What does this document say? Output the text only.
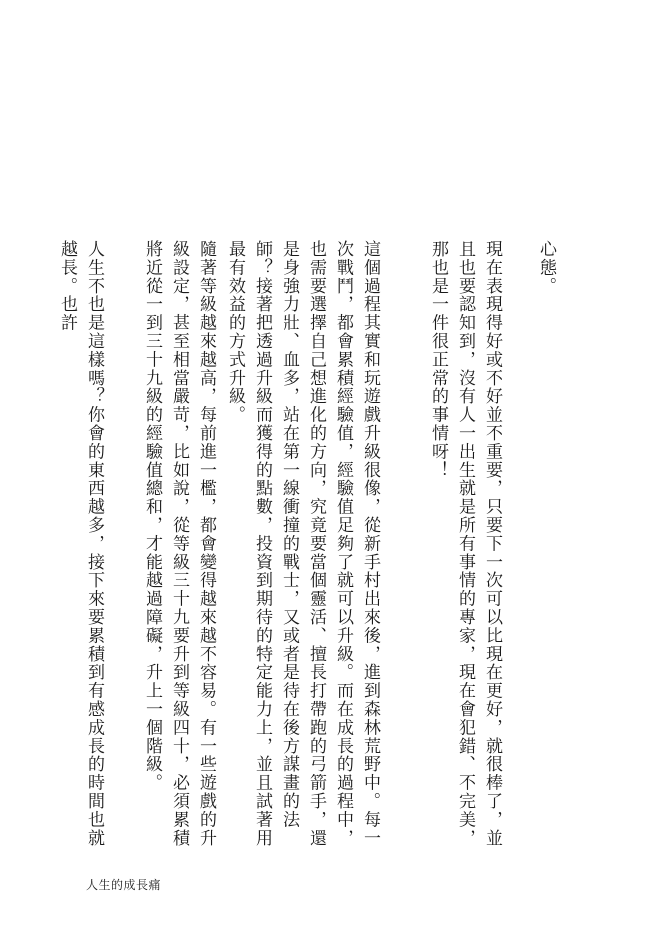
心態。
現在表現得好或不好並不重要，只要下一次可以比現在更好，就很棒了，並且也要認知到，沒有人一出生就是所有事情的專家，現在會犯錯、不完美，那也是一件很正常的事情呀！
這個過程其實和玩遊戲升級很像，從新手村出來後，進到森林荒野中。每一次戰鬥，都會累積經驗值，經驗值足夠了就可以升級。而在成長的過程中，也需要選擇自己想進化的方向，究竟要當個靈活、擅長打帶跑的弓箭手，還是身強力壯、血多，站在第一線衝撞的戰士，又或者是待在後方謀畫的法師？接著把透過升級而獲得的點數，投資到期待的特定能力上，並且試著用最有效益的方式升級。
隨著等級越來越高，每前進一檻，都會變得越來越不容易。有一些遊戲的升級設定，甚至相當嚴苛，比如說，從等級三十九要升到等級四十，必須累積將近從一到三十九級的經驗值總和，才能越過障礙，升上一個階級。
人生不也是這樣嗎？你會的東西越多，接下來要累積到有感成長的時間也就越長。也許
人生的成長痛
